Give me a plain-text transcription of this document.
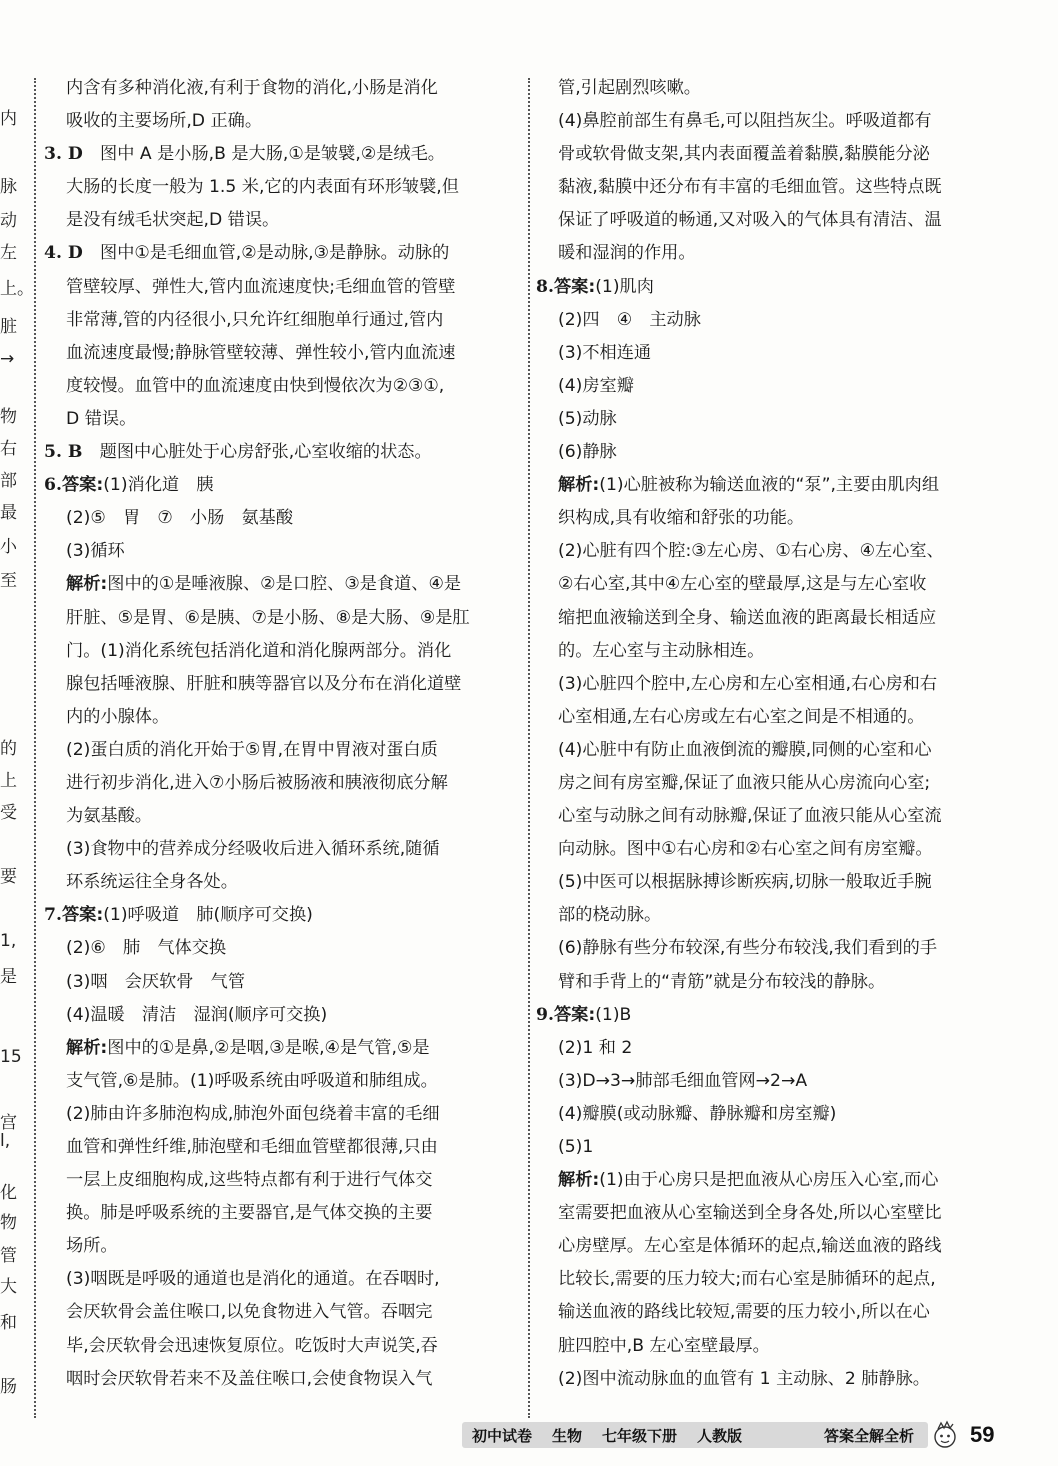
内
脉
动
左
上。
脏
→
物
右
部
最
小
至
的
上
受
要
1,
是
15
宫
l,
化
物
管
大
和
肠

内含有多种消化液,有利于食物的消化,小肠是消化

吸收的主要场所,D 正确。

3. D　图中 A 是小肠,B 是大肠,①是皱襞,②是绒毛。

大肠的长度一般为 1.5 米,它的内表面有环形皱襞,但

是没有绒毛状突起,D 错误。

4. D　图中①是毛细血管,②是动脉,③是静脉。动脉的

管壁较厚、弹性大,管内血流速度快;毛细血管的管壁

非常薄,管的内径很小,只允许红细胞单行通过,管内

血流速度最慢;静脉管壁较薄、弹性较小,管内血流速

度较慢。血管中的血流速度由快到慢依次为②③①,

D 错误。

5. B　题图中心脏处于心房舒张,心室收缩的状态。

6.答案:(1)消化道　胰

(2)⑤　胃　⑦　小肠　氨基酸

(3)循环

解析:图中的①是唾液腺、②是口腔、③是食道、④是

肝脏、⑤是胃、⑥是胰、⑦是小肠、⑧是大肠、⑨是肛

门。(1)消化系统包括消化道和消化腺两部分。消化

腺包括唾液腺、肝脏和胰等器官以及分布在消化道壁

内的小腺体。

(2)蛋白质的消化开始于⑤胃,在胃中胃液对蛋白质

进行初步消化,进入⑦小肠后被肠液和胰液彻底分解

为氨基酸。

(3)食物中的营养成分经吸收后进入循环系统,随循

环系统运往全身各处。

7.答案:(1)呼吸道　肺(顺序可交换)

(2)⑥　肺　气体交换

(3)咽　会厌软骨　气管

(4)温暖　清洁　湿润(顺序可交换)

解析:图中的①是鼻,②是咽,③是喉,④是气管,⑤是

支气管,⑥是肺。(1)呼吸系统由呼吸道和肺组成。

(2)肺由许多肺泡构成,肺泡外面包绕着丰富的毛细

血管和弹性纤维,肺泡壁和毛细血管壁都很薄,只由

一层上皮细胞构成,这些特点都有利于进行气体交

换。肺是呼吸系统的主要器官,是气体交换的主要

场所。

(3)咽既是呼吸的通道也是消化的通道。在吞咽时,

会厌软骨会盖住喉口,以免食物进入气管。吞咽完

毕,会厌软骨会迅速恢复原位。吃饭时大声说笑,吞

咽时会厌软骨若来不及盖住喉口,会使食物误入气

管,引起剧烈咳嗽。

(4)鼻腔前部生有鼻毛,可以阻挡灰尘。呼吸道都有

骨或软骨做支架,其内表面覆盖着黏膜,黏膜能分泌

黏液,黏膜中还分布有丰富的毛细血管。这些特点既

保证了呼吸道的畅通,又对吸入的气体具有清洁、温

暖和湿润的作用。

8.答案:(1)肌肉

(2)四　④　主动脉

(3)不相连通

(4)房室瓣

(5)动脉

(6)静脉

解析:(1)心脏被称为输送血液的“泵”,主要由肌肉组

织构成,具有收缩和舒张的功能。

(2)心脏有四个腔:③左心房、①右心房、④左心室、

②右心室,其中④左心室的壁最厚,这是与左心室收

缩把血液输送到全身、输送血液的距离最长相适应

的。左心室与主动脉相连。

(3)心脏四个腔中,左心房和左心室相通,右心房和右

心室相通,左右心房或左右心室之间是不相通的。

(4)心脏中有防止血液倒流的瓣膜,同侧的心室和心

房之间有房室瓣,保证了血液只能从心房流向心室;

心室与动脉之间有动脉瓣,保证了血液只能从心室流

向动脉。图中①右心房和②右心室之间有房室瓣。

(5)中医可以根据脉搏诊断疾病,切脉一般取近手腕

部的桡动脉。

(6)静脉有些分布较深,有些分布较浅,我们看到的手

臂和手背上的“青筋”就是分布较浅的静脉。

9.答案:(1)B

(2)1 和 2

(3)D→3→肺部毛细血管网→2→A

(4)瓣膜(或动脉瓣、静脉瓣和房室瓣)

(5)1

解析:(1)由于心房只是把血液从心房压入心室,而心

室需要把血液从心室输送到全身各处,所以心室壁比

心房壁厚。左心室是体循环的起点,输送血液的路线

比较长,需要的压力较大;而右心室是肺循环的起点,

输送血液的路线比较短,需要的压力较小,所以在心

脏四腔中,B 左心室壁最厚。

(2)图中流动脉血的血管有 1 主动脉、2 肺静脉。

初中试卷	生物	七年级下册	人教版	答案全解全析	59
